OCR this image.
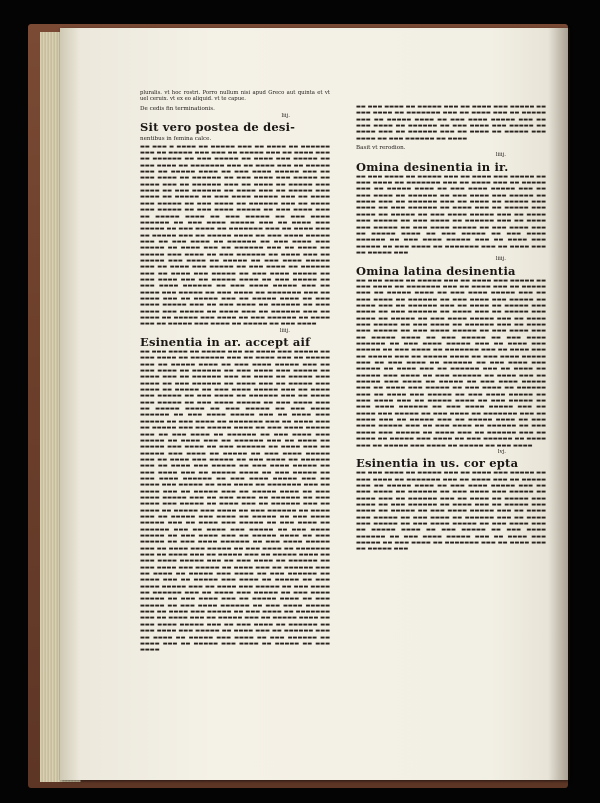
pluralis. vt hoc rostri. Porro nullum nisi apud Greco aut quinta et vt uel ceruix. vt ex eo aliquid. vt te capue.

De cedis fin terminationis.

liij.

Sit vero postea de desi-

nentibus in femina calce.

▬▬ ▬▬▬ ▬ ▬▬▬▬ ▬▬ ▬▬▬▬▬ ▬▬▬ ▬▬ ▬▬▬▬ ▬▬ ▬▬▬▬▬▬ ▬▬▬ ▬▬ ▬▬▬▬▬ ▬▬▬ ▬▬▬ ▬▬ ▬▬▬▬▬ ▬▬▬ ▬▬ ▬▬▬▬ ▬▬▬ ▬▬ ▬▬▬▬▬▬ ▬▬ ▬▬▬ ▬▬▬▬▬ ▬▬ ▬▬▬▬ ▬▬▬ ▬▬▬▬▬ ▬▬ ▬▬▬ ▬▬▬▬ ▬▬ ▬▬▬▬▬▬▬ ▬▬▬ ▬▬ ▬▬▬▬ ▬▬▬ ▬▬ ▬▬▬▬▬ ▬▬▬ ▬▬ ▬▬▬▬▬ ▬▬▬▬ ▬▬ ▬▬▬ ▬▬▬▬ ▬▬▬▬▬ ▬▬▬ ▬▬ ▬▬▬ ▬▬▬▬ ▬▬ ▬▬▬▬▬▬ ▬▬ ▬▬▬ ▬▬▬▬ ▬▬▬ ▬▬▬▬▬ ▬▬ ▬▬▬▬ ▬▬▬ ▬▬ ▬▬▬▬▬▬ ▬▬▬ ▬▬ ▬▬▬▬ ▬▬ ▬▬▬▬▬ ▬▬▬ ▬▬▬▬ ▬▬ ▬▬▬ ▬▬▬▬▬▬ ▬▬ ▬▬▬▬ ▬▬▬ ▬▬ ▬▬▬▬▬ ▬▬▬ ▬▬▬▬ ▬▬ ▬▬▬▬▬ ▬▬ ▬▬▬ ▬▬▬▬ ▬▬▬▬▬ ▬▬▬ ▬▬ ▬▬▬▬ ▬▬▬ ▬▬▬▬▬ ▬▬ ▬▬▬ ▬▬▬▬ ▬▬ ▬▬▬▬▬▬ ▬▬▬ ▬▬ ▬▬▬▬ ▬▬▬ ▬▬▬▬▬ ▬▬ ▬▬▬ ▬▬▬▬ ▬▬▬▬▬ ▬▬ ▬▬▬ ▬▬▬▬ ▬▬▬ ▬▬ ▬▬▬▬▬ ▬▬▬▬ ▬▬ ▬▬▬ ▬▬▬▬▬ ▬▬ ▬▬▬ ▬▬▬▬ ▬▬▬▬▬▬ ▬▬ ▬▬▬ ▬▬▬▬ ▬▬▬▬▬ ▬▬▬ ▬▬ ▬▬▬▬ ▬▬▬ ▬▬▬▬▬ ▬▬ ▬▬▬ ▬▬▬▬ ▬▬ ▬▬▬▬▬▬▬ ▬▬▬ ▬▬ ▬▬▬▬ ▬▬▬ ▬▬ ▬▬▬▬▬ ▬▬▬ ▬▬ ▬▬▬▬▬ ▬▬▬▬ ▬▬ ▬▬▬ ▬▬▬▬ ▬▬▬▬▬ ▬▬▬ ▬▬ ▬▬▬ ▬▬▬▬ ▬▬ ▬▬▬▬▬▬ ▬▬ ▬▬▬ ▬▬▬▬ ▬▬▬ ▬▬▬▬▬ ▬▬ ▬▬▬▬ ▬▬▬ ▬▬ ▬▬▬▬▬▬ ▬▬▬ ▬▬ ▬▬▬▬ ▬▬ ▬▬▬▬▬ ▬▬▬ ▬▬▬▬ ▬▬ ▬▬▬ ▬▬▬▬▬▬ ▬▬ ▬▬▬▬ ▬▬▬ ▬▬ ▬▬▬▬▬ ▬▬▬ ▬▬▬▬ ▬▬ ▬▬▬▬▬ ▬▬ ▬▬▬ ▬▬▬▬ ▬▬▬▬▬ ▬▬▬ ▬▬ ▬▬▬▬ ▬▬▬ ▬▬▬▬▬ ▬▬ ▬▬▬ ▬▬▬▬ ▬▬ ▬▬▬▬▬▬ ▬▬▬ ▬▬ ▬▬▬▬ ▬▬▬ ▬▬▬▬▬ ▬▬ ▬▬▬ ▬▬▬▬ ▬▬▬▬▬ ▬▬ ▬▬▬ ▬▬▬▬ ▬▬▬ ▬▬ ▬▬▬▬▬ ▬▬▬▬ ▬▬ ▬▬▬ ▬▬▬▬▬ ▬▬ ▬▬▬ ▬▬▬▬ ▬▬▬▬▬▬ ▬▬ ▬▬▬ ▬▬▬▬ ▬▬▬▬▬ ▬▬▬ ▬▬ ▬▬▬▬ ▬▬▬ ▬▬▬▬▬ ▬▬ ▬▬▬ ▬▬▬▬ ▬▬ ▬▬▬▬▬▬▬ ▬▬▬ ▬▬ ▬▬▬▬ ▬▬▬ ▬▬ ▬▬▬▬▬ ▬▬▬ ▬▬ ▬▬▬▬▬ ▬▬▬▬ ▬▬ ▬▬▬ ▬▬▬▬ ▬▬▬▬▬ ▬▬▬ ▬▬ ▬▬▬ ▬▬▬▬ ▬▬ ▬▬▬▬▬▬ ▬▬ ▬▬▬ ▬▬▬▬ ▬▬▬ ▬▬▬▬▬ ▬▬ ▬▬▬▬ ▬▬▬ ▬▬ ▬▬▬▬▬▬ ▬▬▬ ▬▬ ▬▬▬▬ ▬▬ ▬▬▬▬▬ ▬▬▬ ▬▬▬▬ ▬▬ ▬▬▬ ▬▬▬▬▬▬ ▬▬ ▬▬▬▬ ▬▬▬ ▬▬ ▬▬▬▬▬ ▬▬▬ ▬▬▬▬ ▬▬ ▬▬▬▬▬ ▬▬ ▬▬▬ ▬▬▬▬

liiij.

Esinentia in ar. accept aif

▬▬ ▬▬▬ ▬▬▬▬ ▬▬ ▬▬▬▬▬ ▬▬▬ ▬▬ ▬▬▬▬ ▬▬▬ ▬▬▬▬▬ ▬▬ ▬▬▬ ▬▬▬▬ ▬▬ ▬▬▬▬▬▬▬ ▬▬▬ ▬▬ ▬▬▬▬ ▬▬▬ ▬▬ ▬▬▬▬▬ ▬▬▬ ▬▬ ▬▬▬▬▬ ▬▬▬▬ ▬▬ ▬▬▬ ▬▬▬▬ ▬▬▬▬▬ ▬▬▬ ▬▬ ▬▬▬ ▬▬▬▬ ▬▬ ▬▬▬▬▬▬ ▬▬ ▬▬▬ ▬▬▬▬ ▬▬▬ ▬▬▬▬▬ ▬▬ ▬▬▬▬ ▬▬▬ ▬▬ ▬▬▬▬▬▬ ▬▬▬ ▬▬ ▬▬▬▬ ▬▬ ▬▬▬▬▬ ▬▬▬ ▬▬▬▬ ▬▬ ▬▬▬ ▬▬▬▬▬▬ ▬▬ ▬▬▬▬ ▬▬▬ ▬▬ ▬▬▬▬▬ ▬▬▬ ▬▬▬▬ ▬▬ ▬▬▬▬▬ ▬▬ ▬▬▬ ▬▬▬▬ ▬▬▬▬▬ ▬▬▬ ▬▬ ▬▬▬▬ ▬▬▬ ▬▬▬▬▬ ▬▬ ▬▬▬ ▬▬▬▬ ▬▬ ▬▬▬▬▬▬ ▬▬▬ ▬▬ ▬▬▬▬ ▬▬▬ ▬▬▬▬▬ ▬▬ ▬▬▬ ▬▬▬▬ ▬▬▬▬▬ ▬▬ ▬▬▬ ▬▬▬▬ ▬▬▬ ▬▬ ▬▬▬▬▬ ▬▬▬▬ ▬▬ ▬▬▬ ▬▬▬▬▬ ▬▬ ▬▬▬ ▬▬▬▬ ▬▬▬▬▬▬ ▬▬ ▬▬▬ ▬▬▬▬ ▬▬▬▬▬ ▬▬▬ ▬▬ ▬▬▬▬ ▬▬▬ ▬▬▬▬▬ ▬▬ ▬▬▬ ▬▬▬▬ ▬▬ ▬▬▬▬▬▬▬ ▬▬▬ ▬▬ ▬▬▬▬ ▬▬▬ ▬▬ ▬▬▬▬▬ ▬▬▬ ▬▬ ▬▬▬▬▬ ▬▬▬▬ ▬▬ ▬▬▬ ▬▬▬▬ ▬▬▬▬▬ ▬▬▬ ▬▬ ▬▬▬ ▬▬▬▬ ▬▬ ▬▬▬▬▬▬ ▬▬ ▬▬▬ ▬▬▬▬ ▬▬▬ ▬▬▬▬▬ ▬▬ ▬▬▬▬ ▬▬▬ ▬▬ ▬▬▬▬▬▬ ▬▬▬ ▬▬ ▬▬▬▬ ▬▬ ▬▬▬▬▬ ▬▬▬ ▬▬▬▬ ▬▬ ▬▬▬ ▬▬▬▬▬▬ ▬▬ ▬▬▬▬ ▬▬▬ ▬▬ ▬▬▬▬▬ ▬▬▬ ▬▬▬▬ ▬▬ ▬▬▬▬▬ ▬▬ ▬▬▬ ▬▬▬▬ ▬▬▬▬▬ ▬▬▬ ▬▬ ▬▬▬▬ ▬▬▬ ▬▬▬▬▬ ▬▬ ▬▬▬ ▬▬▬▬ ▬▬ ▬▬▬▬▬▬ ▬▬▬ ▬▬ ▬▬▬▬ ▬▬▬ ▬▬▬▬▬ ▬▬ ▬▬▬ ▬▬▬▬ ▬▬▬▬▬ ▬▬ ▬▬▬ ▬▬▬▬ ▬▬▬ ▬▬ ▬▬▬▬▬ ▬▬▬▬ ▬▬ ▬▬▬ ▬▬▬▬▬ ▬▬ ▬▬▬ ▬▬▬▬ ▬▬▬▬▬▬ ▬▬ ▬▬▬ ▬▬▬▬ ▬▬▬▬▬ ▬▬▬ ▬▬ ▬▬▬▬ ▬▬▬ ▬▬▬▬▬ ▬▬ ▬▬▬ ▬▬▬▬ ▬▬ ▬▬▬▬▬▬▬ ▬▬▬ ▬▬ ▬▬▬▬ ▬▬▬ ▬▬ ▬▬▬▬▬ ▬▬▬ ▬▬ ▬▬▬▬▬ ▬▬▬▬ ▬▬ ▬▬▬ ▬▬▬▬ ▬▬▬▬▬ ▬▬▬ ▬▬ ▬▬▬ ▬▬▬▬ ▬▬ ▬▬▬▬▬▬ ▬▬ ▬▬▬ ▬▬▬▬ ▬▬▬ ▬▬▬▬▬ ▬▬ ▬▬▬▬ ▬▬▬ ▬▬ ▬▬▬▬▬▬ ▬▬▬ ▬▬ ▬▬▬▬ ▬▬ ▬▬▬▬▬ ▬▬▬ ▬▬▬▬ ▬▬ ▬▬▬ ▬▬▬▬▬▬ ▬▬ ▬▬▬▬ ▬▬▬ ▬▬ ▬▬▬▬▬ ▬▬▬ ▬▬▬▬ ▬▬ ▬▬▬▬▬ ▬▬ ▬▬▬ ▬▬▬▬ ▬▬▬▬▬ ▬▬▬ ▬▬ ▬▬▬▬ ▬▬▬ ▬▬▬▬▬ ▬▬ ▬▬▬ ▬▬▬▬ ▬▬ ▬▬▬▬▬▬ ▬▬▬ ▬▬ ▬▬▬▬ ▬▬▬ ▬▬▬▬▬ ▬▬ ▬▬▬ ▬▬▬▬ ▬▬▬▬▬ ▬▬ ▬▬▬ ▬▬▬▬ ▬▬▬ ▬▬ ▬▬▬▬▬ ▬▬▬▬ ▬▬ ▬▬▬ ▬▬▬▬▬ ▬▬ ▬▬▬ ▬▬▬▬ ▬▬▬▬▬▬ ▬▬ ▬▬▬ ▬▬▬▬ ▬▬▬▬▬ ▬▬▬ ▬▬ ▬▬▬▬ ▬▬▬ ▬▬▬▬▬ ▬▬ ▬▬▬ ▬▬▬▬ ▬▬ ▬▬▬▬▬▬▬ ▬▬▬ ▬▬ ▬▬▬▬ ▬▬▬ ▬▬ ▬▬▬▬▬ ▬▬▬ ▬▬ ▬▬▬▬▬ ▬▬▬▬ ▬▬ ▬▬▬ ▬▬▬▬ ▬▬▬▬▬ ▬▬▬ ▬▬ ▬▬▬ ▬▬▬▬ ▬▬ ▬▬▬▬▬▬ ▬▬ ▬▬▬ ▬▬▬▬ ▬▬▬ ▬▬▬▬▬ ▬▬ ▬▬▬▬ ▬▬▬ ▬▬ ▬▬▬▬▬▬ ▬▬▬ ▬▬ ▬▬▬▬ ▬▬ ▬▬▬▬▬ ▬▬▬ ▬▬▬▬ ▬▬ ▬▬▬ ▬▬▬▬▬▬ ▬▬ ▬▬▬▬ ▬▬▬ ▬▬ ▬▬▬▬▬ ▬▬▬ ▬▬▬▬ ▬▬ ▬▬▬▬▬ ▬▬ ▬▬▬ ▬▬▬▬ ▬▬▬▬▬ ▬▬▬ ▬▬ ▬▬▬▬ ▬▬▬ ▬▬▬▬▬ ▬▬ ▬▬▬ ▬▬▬▬ ▬▬ ▬▬▬▬▬▬ ▬▬▬ ▬▬ ▬▬▬▬ ▬▬▬ ▬▬▬▬▬ ▬▬ ▬▬▬ ▬▬▬▬ ▬▬▬▬▬ ▬▬ ▬▬▬ ▬▬▬▬ ▬▬▬ ▬▬ ▬▬▬▬▬ ▬▬▬▬ ▬▬ ▬▬▬ ▬▬▬▬▬ ▬▬ ▬▬▬ ▬▬▬▬ ▬▬▬▬▬▬ ▬▬ ▬▬▬ ▬▬▬▬ ▬▬▬▬▬ ▬▬▬ ▬▬ ▬▬▬▬ ▬▬▬ ▬▬▬▬▬ ▬▬ ▬▬▬ ▬▬▬▬ ▬▬ ▬▬▬▬▬▬▬ ▬▬▬ ▬▬ ▬▬▬▬ ▬▬▬ ▬▬ ▬▬▬▬▬ ▬▬▬ ▬▬ ▬▬▬▬▬ ▬▬▬▬ ▬▬ ▬▬▬ ▬▬▬▬ ▬▬▬▬▬ ▬▬▬ ▬▬ ▬▬▬ ▬▬▬▬ ▬▬ ▬▬▬▬▬▬ ▬▬ ▬▬▬ ▬▬▬▬ ▬▬▬ ▬▬▬▬▬ ▬▬ ▬▬▬▬ ▬▬▬ ▬▬ ▬▬▬▬▬▬ ▬▬▬ ▬▬ ▬▬▬▬ ▬▬ ▬▬▬▬▬ ▬▬▬ ▬▬▬▬ ▬▬ ▬▬▬ ▬▬▬▬▬▬ ▬▬ ▬▬▬▬ ▬▬▬ ▬▬ ▬▬▬▬▬ ▬▬▬ ▬▬▬▬ ▬▬ ▬▬▬▬▬ ▬▬ ▬▬▬ ▬▬▬▬

▬▬ ▬▬▬ ▬▬▬▬ ▬▬ ▬▬▬▬▬ ▬▬▬ ▬▬ ▬▬▬▬ ▬▬▬ ▬▬▬▬▬ ▬▬ ▬▬▬ ▬▬▬▬ ▬▬ ▬▬▬▬▬▬▬ ▬▬▬ ▬▬ ▬▬▬▬ ▬▬▬ ▬▬ ▬▬▬▬▬ ▬▬▬ ▬▬ ▬▬▬▬▬ ▬▬▬▬ ▬▬ ▬▬▬ ▬▬▬▬ ▬▬▬▬▬ ▬▬▬ ▬▬ ▬▬▬ ▬▬▬▬ ▬▬ ▬▬▬▬▬▬ ▬▬ ▬▬▬ ▬▬▬▬ ▬▬▬ ▬▬▬▬▬ ▬▬ ▬▬▬▬ ▬▬▬ ▬▬ ▬▬▬▬▬▬ ▬▬▬ ▬▬ ▬▬▬▬ ▬▬ ▬▬▬▬▬ ▬▬▬ ▬▬▬▬ ▬▬ ▬▬▬ ▬▬▬▬▬▬ ▬▬ ▬▬▬▬

Basit vt rerodion.

liiij.

Omina desinentia in ir.

▬▬ ▬▬▬ ▬▬▬▬ ▬▬ ▬▬▬▬▬ ▬▬▬ ▬▬ ▬▬▬▬ ▬▬▬ ▬▬▬▬▬ ▬▬ ▬▬▬ ▬▬▬▬ ▬▬ ▬▬▬▬▬▬▬ ▬▬▬ ▬▬ ▬▬▬▬ ▬▬▬ ▬▬ ▬▬▬▬▬ ▬▬▬ ▬▬ ▬▬▬▬▬ ▬▬▬▬ ▬▬ ▬▬▬ ▬▬▬▬ ▬▬▬▬▬ ▬▬▬ ▬▬ ▬▬▬ ▬▬▬▬ ▬▬ ▬▬▬▬▬▬ ▬▬ ▬▬▬ ▬▬▬▬ ▬▬▬ ▬▬▬▬▬ ▬▬ ▬▬▬▬ ▬▬▬ ▬▬ ▬▬▬▬▬▬ ▬▬▬ ▬▬ ▬▬▬▬ ▬▬ ▬▬▬▬▬ ▬▬▬ ▬▬▬▬ ▬▬ ▬▬▬ ▬▬▬▬▬▬ ▬▬ ▬▬▬▬ ▬▬▬ ▬▬ ▬▬▬▬▬ ▬▬▬ ▬▬▬▬ ▬▬ ▬▬▬▬▬ ▬▬ ▬▬▬ ▬▬▬▬ ▬▬▬▬▬ ▬▬▬ ▬▬ ▬▬▬▬ ▬▬▬ ▬▬▬▬▬ ▬▬ ▬▬▬ ▬▬▬▬ ▬▬ ▬▬▬▬▬▬ ▬▬▬ ▬▬ ▬▬▬▬ ▬▬▬ ▬▬▬▬▬ ▬▬ ▬▬▬ ▬▬▬▬ ▬▬▬▬▬ ▬▬ ▬▬▬ ▬▬▬▬ ▬▬▬ ▬▬ ▬▬▬▬▬ ▬▬▬▬ ▬▬ ▬▬▬ ▬▬▬▬▬ ▬▬ ▬▬▬ ▬▬▬▬ ▬▬▬▬▬▬ ▬▬ ▬▬▬ ▬▬▬▬ ▬▬▬▬▬ ▬▬▬ ▬▬ ▬▬▬▬ ▬▬▬ ▬▬▬▬▬ ▬▬ ▬▬▬ ▬▬▬▬ ▬▬ ▬▬▬▬▬▬▬ ▬▬▬ ▬▬ ▬▬▬▬ ▬▬▬ ▬▬ ▬▬▬▬▬ ▬▬▬

liiij.

Omina latina desinentia

▬▬ ▬▬▬ ▬▬▬▬ ▬▬ ▬▬▬▬▬ ▬▬▬ ▬▬ ▬▬▬▬ ▬▬▬ ▬▬▬▬▬ ▬▬ ▬▬▬ ▬▬▬▬ ▬▬ ▬▬▬▬▬▬▬ ▬▬▬ ▬▬ ▬▬▬▬ ▬▬▬ ▬▬ ▬▬▬▬▬ ▬▬▬ ▬▬ ▬▬▬▬▬ ▬▬▬▬ ▬▬ ▬▬▬ ▬▬▬▬ ▬▬▬▬▬ ▬▬▬ ▬▬ ▬▬▬ ▬▬▬▬ ▬▬ ▬▬▬▬▬▬ ▬▬ ▬▬▬ ▬▬▬▬ ▬▬▬ ▬▬▬▬▬ ▬▬ ▬▬▬▬ ▬▬▬ ▬▬ ▬▬▬▬▬▬ ▬▬▬ ▬▬ ▬▬▬▬ ▬▬ ▬▬▬▬▬ ▬▬▬ ▬▬▬▬ ▬▬ ▬▬▬ ▬▬▬▬▬▬ ▬▬ ▬▬▬▬ ▬▬▬ ▬▬ ▬▬▬▬▬ ▬▬▬ ▬▬▬▬ ▬▬ ▬▬▬▬▬ ▬▬ ▬▬▬ ▬▬▬▬ ▬▬▬▬▬ ▬▬▬ ▬▬ ▬▬▬▬ ▬▬▬ ▬▬▬▬▬ ▬▬ ▬▬▬ ▬▬▬▬ ▬▬ ▬▬▬▬▬▬ ▬▬▬ ▬▬ ▬▬▬▬ ▬▬▬ ▬▬▬▬▬ ▬▬ ▬▬▬ ▬▬▬▬ ▬▬▬▬▬ ▬▬ ▬▬▬ ▬▬▬▬ ▬▬▬ ▬▬ ▬▬▬▬▬ ▬▬▬▬ ▬▬ ▬▬▬ ▬▬▬▬▬ ▬▬ ▬▬▬ ▬▬▬▬ ▬▬▬▬▬▬ ▬▬ ▬▬▬ ▬▬▬▬ ▬▬▬▬▬ ▬▬▬ ▬▬ ▬▬▬▬ ▬▬▬ ▬▬▬▬▬ ▬▬ ▬▬▬ ▬▬▬▬ ▬▬ ▬▬▬▬▬▬▬ ▬▬▬ ▬▬ ▬▬▬▬ ▬▬▬ ▬▬ ▬▬▬▬▬ ▬▬▬ ▬▬ ▬▬▬▬▬ ▬▬▬▬ ▬▬ ▬▬▬ ▬▬▬▬ ▬▬▬▬▬ ▬▬▬ ▬▬ ▬▬▬ ▬▬▬▬ ▬▬ ▬▬▬▬▬▬ ▬▬ ▬▬▬ ▬▬▬▬ ▬▬▬ ▬▬▬▬▬ ▬▬ ▬▬▬▬ ▬▬▬ ▬▬ ▬▬▬▬▬▬ ▬▬▬ ▬▬ ▬▬▬▬ ▬▬ ▬▬▬▬▬ ▬▬▬ ▬▬▬▬ ▬▬ ▬▬▬ ▬▬▬▬▬▬ ▬▬ ▬▬▬▬ ▬▬▬ ▬▬ ▬▬▬▬▬ ▬▬▬ ▬▬▬▬ ▬▬ ▬▬▬▬▬ ▬▬ ▬▬▬ ▬▬▬▬ ▬▬▬▬▬ ▬▬▬ ▬▬ ▬▬▬▬ ▬▬▬ ▬▬▬▬▬ ▬▬ ▬▬▬ ▬▬▬▬ ▬▬ ▬▬▬▬▬▬ ▬▬▬ ▬▬ ▬▬▬▬ ▬▬▬ ▬▬▬▬▬ ▬▬ ▬▬▬ ▬▬▬▬ ▬▬▬▬▬ ▬▬ ▬▬▬ ▬▬▬▬ ▬▬▬ ▬▬ ▬▬▬▬▬ ▬▬▬▬ ▬▬ ▬▬▬ ▬▬▬▬▬ ▬▬ ▬▬▬ ▬▬▬▬ ▬▬▬▬▬▬ ▬▬ ▬▬▬ ▬▬▬▬ ▬▬▬▬▬ ▬▬▬ ▬▬ ▬▬▬▬ ▬▬▬ ▬▬▬▬▬ ▬▬ ▬▬▬ ▬▬▬▬ ▬▬ ▬▬▬▬▬▬▬ ▬▬▬ ▬▬ ▬▬▬▬ ▬▬▬ ▬▬ ▬▬▬▬▬ ▬▬▬ ▬▬ ▬▬▬▬▬ ▬▬▬▬ ▬▬ ▬▬▬ ▬▬▬▬ ▬▬▬▬▬ ▬▬▬ ▬▬ ▬▬▬ ▬▬▬▬ ▬▬ ▬▬▬▬▬▬ ▬▬ ▬▬▬ ▬▬▬▬ ▬▬▬ ▬▬▬▬▬ ▬▬ ▬▬▬▬ ▬▬▬ ▬▬ ▬▬▬▬▬▬ ▬▬▬ ▬▬ ▬▬▬▬ ▬▬ ▬▬▬▬▬ ▬▬▬ ▬▬▬▬ ▬▬ ▬▬▬ ▬▬▬▬▬▬ ▬▬ ▬▬▬▬ ▬▬▬ ▬▬ ▬▬▬▬▬ ▬▬▬ ▬▬▬▬ ▬▬ ▬▬▬▬▬ ▬▬ ▬▬▬ ▬▬▬▬

lvj.

Esinentia in us. cor epta

▬▬ ▬▬▬ ▬▬▬▬ ▬▬ ▬▬▬▬▬ ▬▬▬ ▬▬ ▬▬▬▬ ▬▬▬ ▬▬▬▬▬ ▬▬ ▬▬▬ ▬▬▬▬ ▬▬ ▬▬▬▬▬▬▬ ▬▬▬ ▬▬ ▬▬▬▬ ▬▬▬ ▬▬ ▬▬▬▬▬ ▬▬▬ ▬▬ ▬▬▬▬▬ ▬▬▬▬ ▬▬ ▬▬▬ ▬▬▬▬ ▬▬▬▬▬ ▬▬▬ ▬▬ ▬▬▬ ▬▬▬▬ ▬▬ ▬▬▬▬▬▬ ▬▬ ▬▬▬ ▬▬▬▬ ▬▬▬ ▬▬▬▬▬ ▬▬ ▬▬▬▬ ▬▬▬ ▬▬ ▬▬▬▬▬▬ ▬▬▬ ▬▬ ▬▬▬▬ ▬▬ ▬▬▬▬▬ ▬▬▬ ▬▬▬▬ ▬▬ ▬▬▬ ▬▬▬▬▬▬ ▬▬ ▬▬▬▬ ▬▬▬ ▬▬ ▬▬▬▬▬ ▬▬▬ ▬▬▬▬ ▬▬ ▬▬▬▬▬ ▬▬ ▬▬▬ ▬▬▬▬ ▬▬▬▬▬ ▬▬▬ ▬▬ ▬▬▬▬ ▬▬▬ ▬▬▬▬▬ ▬▬ ▬▬▬ ▬▬▬▬ ▬▬ ▬▬▬▬▬▬ ▬▬▬ ▬▬ ▬▬▬▬ ▬▬▬ ▬▬▬▬▬ ▬▬ ▬▬▬ ▬▬▬▬ ▬▬▬▬▬ ▬▬ ▬▬▬ ▬▬▬▬ ▬▬▬ ▬▬ ▬▬▬▬▬ ▬▬▬▬ ▬▬ ▬▬▬ ▬▬▬▬▬ ▬▬ ▬▬▬ ▬▬▬▬ ▬▬▬▬▬▬ ▬▬ ▬▬▬ ▬▬▬▬ ▬▬▬▬▬ ▬▬▬ ▬▬ ▬▬▬▬ ▬▬▬ ▬▬▬▬▬ ▬▬ ▬▬▬ ▬▬▬▬ ▬▬ ▬▬▬▬▬▬▬ ▬▬▬ ▬▬ ▬▬▬▬ ▬▬▬ ▬▬ ▬▬▬▬▬ ▬▬▬
